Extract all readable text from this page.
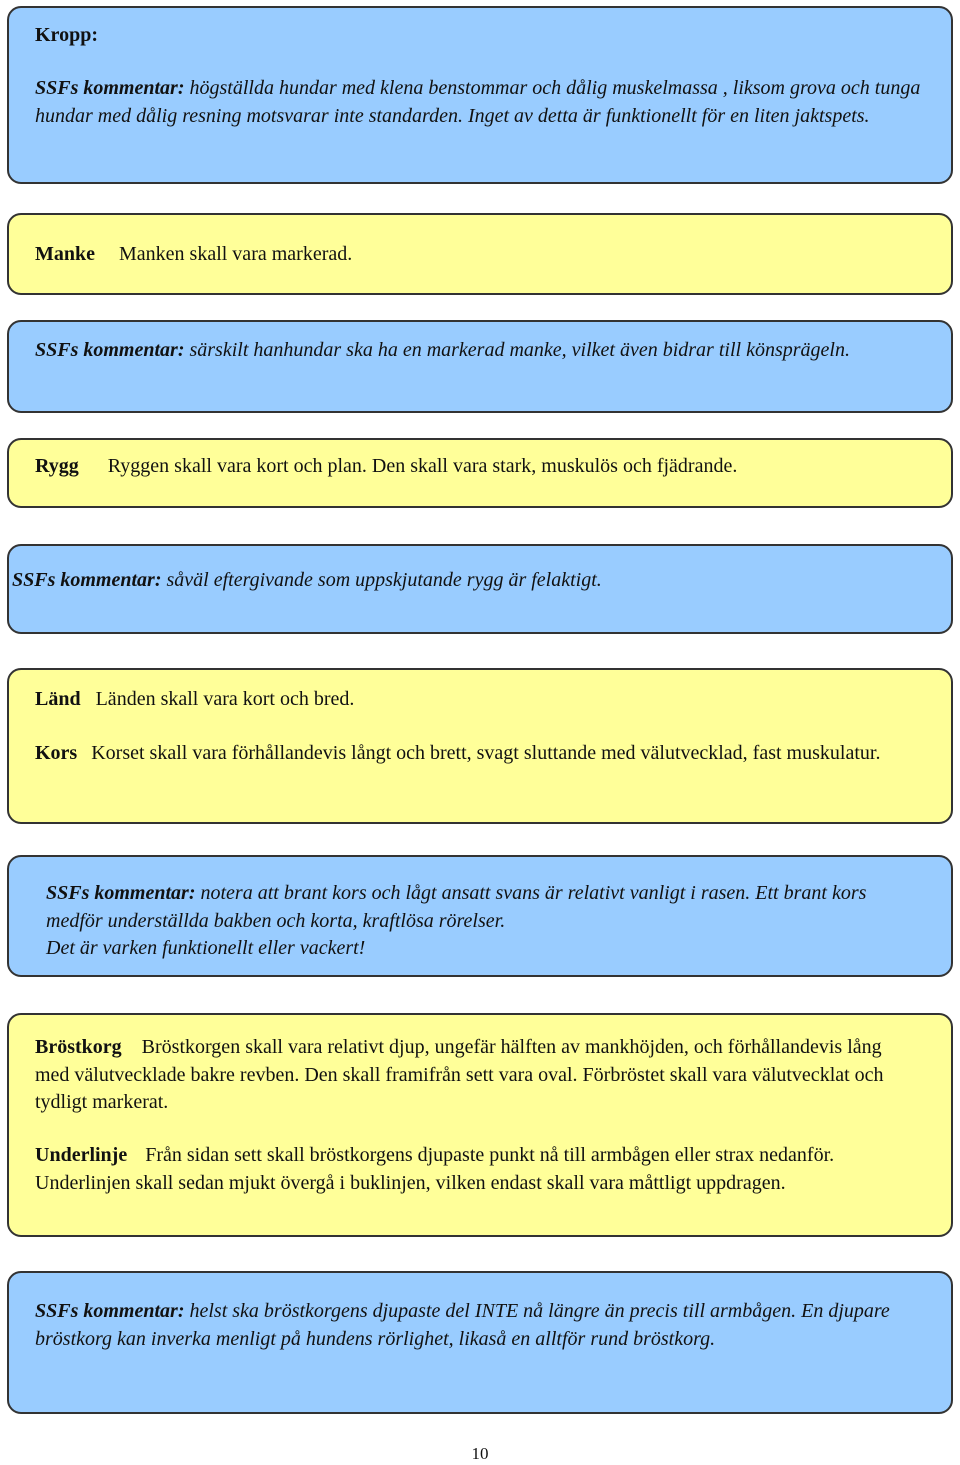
Kropp:

SSFs kommentar: högställda hundar med klena benstommar och dålig muskelmassa , liksom grova och tunga hundar med dålig resning motsvarar inte standarden. Inget av detta är funktionellt för en liten jaktspets.

Manke Manken skall vara markerad.

SSFs kommentar: särskilt hanhundar ska ha en markerad manke, vilket även bidrar till könsprägeln.

Rygg Ryggen skall vara kort och plan. Den skall vara stark, muskulös och fjädrande.

SSFs kommentar: såväl eftergivande som uppskjutande rygg är felaktigt.

Länd Länden skall vara kort och bred.

Kors Korset skall vara förhållandevis långt och brett, svagt sluttande med välutvecklad, fast muskulatur.

SSFs kommentar: notera att brant kors och lågt ansatt svans är relativt vanligt i rasen. Ett brant kors medför underställda bakben och korta, kraftlösa rörelser.

Det är varken funktionellt eller vackert!

Bröstkorg Bröstkorgen skall vara relativt djup, ungefär hälften av mankhöjden, och förhållandevis lång med välutvecklade bakre revben. Den skall framifrån sett vara oval. Förbröstet skall vara välutvecklat och tydligt markerat.

Underlinje Från sidan sett skall bröstkorgens djupaste punkt nå till armbågen eller strax nedanför. Underlinjen skall sedan mjukt övergå i buklinjen, vilken endast skall vara måttligt uppdragen.

SSFs kommentar: helst ska bröstkorgens djupaste del INTE nå längre än precis till armbågen. En djupare bröstkorg kan inverka menligt på hundens rörlighet, likaså en alltför rund bröstkorg.

10
